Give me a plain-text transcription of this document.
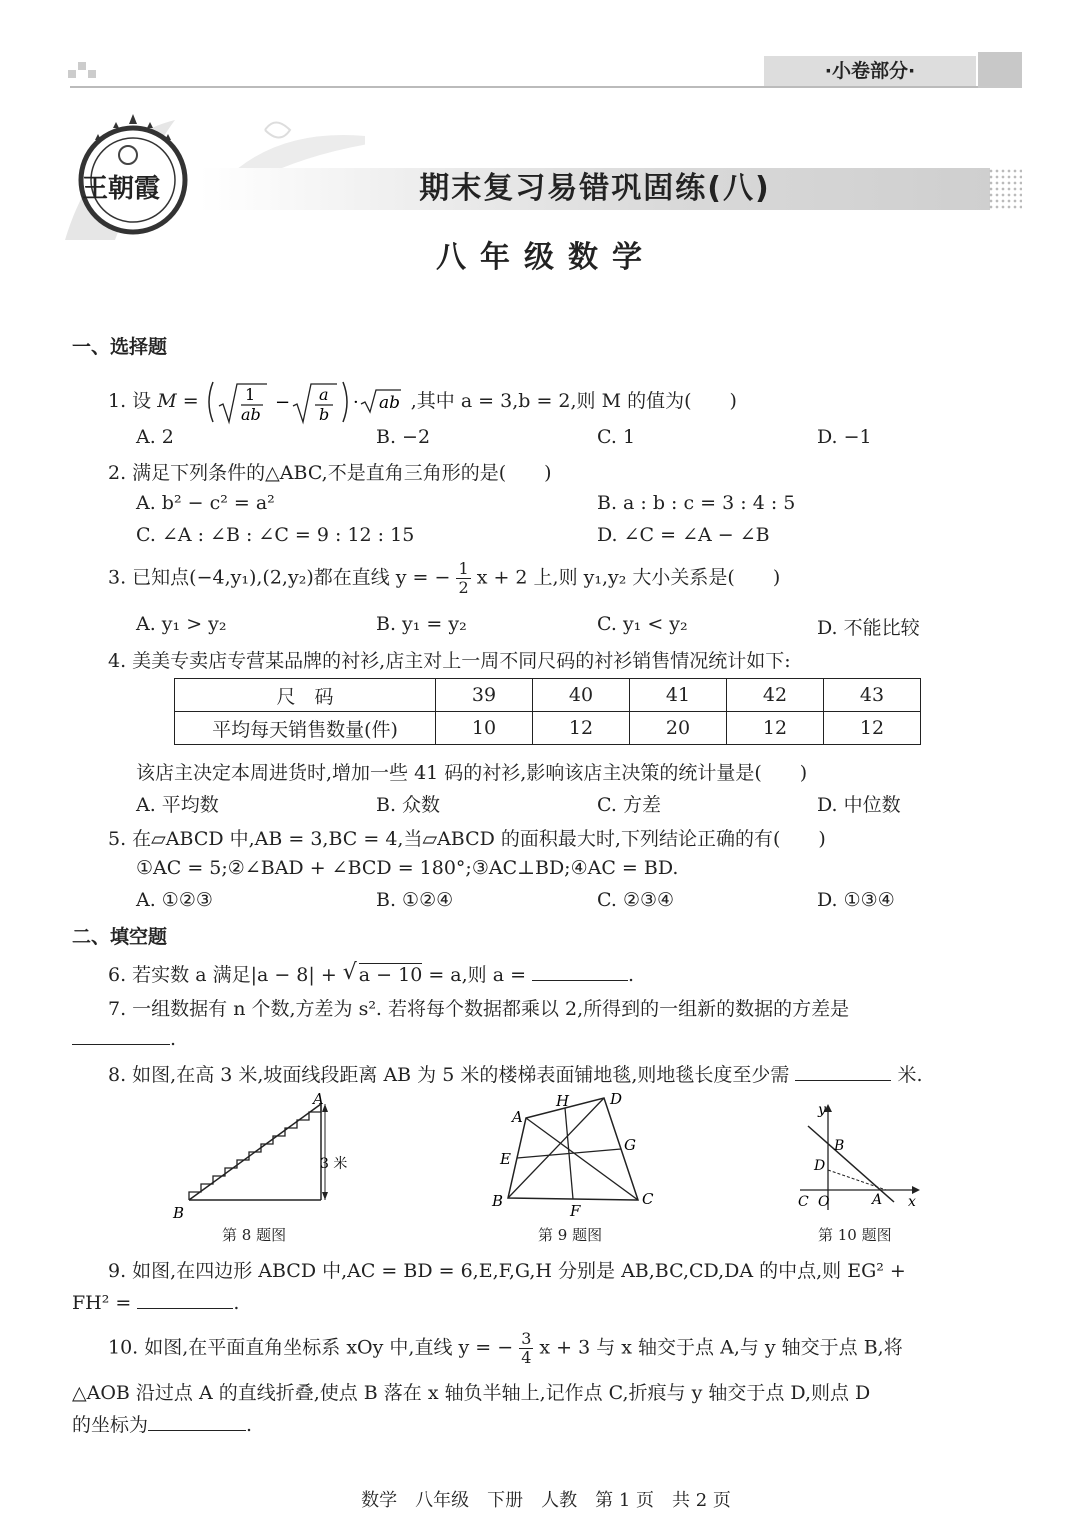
·小卷部分·
王朝霞	期末复习易错巩固练(八)
八年级数学
一、选择题
1. 设 M =	1
ab
− a
b
· ab ,其中 a = 3,b = 2,则 M 的值为(　　)
A. 2	B. −2	C. 1	D. −1
2. 满足下列条件的△ABC,不是直角三角形的是(　　)
A. b² − c² = a²	B. a : b : c = 3 : 4 : 5
C. ∠A : ∠B : ∠C = 9 : 12 : 15	D. ∠C = ∠A − ∠B
3. 已知点(−4,y₁),(2,y₂)都在直线 y = − $\frac{1}{2}$ x + 2 上,则 y₁,y₂ 大小关系是(　　)
A. y₁ > y₂	B. y₁ = y₂	C. y₁ < y₂	D. 不能比较
4. 美美专卖店专营某品牌的衬衫,店主对上一周不同尺码的衬衫销售情况统计如下:
尺　码	39	40	41	42	43
平均每天销售数量(件)	10	12	20	12	12
该店主决定本周进货时,增加一些 41 码的衬衫,影响该店主决策的统计量是(　　)
A. 平均数	B. 众数	C. 方差	D. 中位数
5. 在▱ABCD 中,AB = 3,BC = 4,当▱ABCD 的面积最大时,下列结论正确的有(　　)
①AC = 5;②∠BAD + ∠BCD = 180°;③AC⊥BD;④AC = BD.
A. ①②③	B. ①②④	C. ②③④	D. ①③④
二、填空题
6. 若实数 a 满足|a − 8| + √ a − 10 = a,则 a =	.
7. 一组数据有 n 个数,方差为 s². 若将每个数据都乘以 2,所得到的一组新的数据的方差是
.
8. 如图,在高 3 米,坡面线段距离 AB 为 5 米的楼梯表面铺地毯,则地毯长度至少需	米.
A
B
3 米
第 8 题图
A
B	C
D
E
F
G
H
第 9 题图
y
x
B
D
C O	A
第 10 题图
9. 如图,在四边形 ABCD 中,AC = BD = 6,E,F,G,H 分别是 AB,BC,CD,DA 的中点,则 EG² +
FH² =	.
10. 如图,在平面直角坐标系 xOy 中,直线 y = − $\frac{3}{4}$ x + 3 与 x 轴交于点 A,与 y 轴交于点 B,将
△AOB 沿过点 A 的直线折叠,使点 B 落在 x 轴负半轴上,记作点 C,折痕与 y 轴交于点 D,则点 D
的坐标为	.
数学　八年级　下册　人教　第 1 页　共 2 页
